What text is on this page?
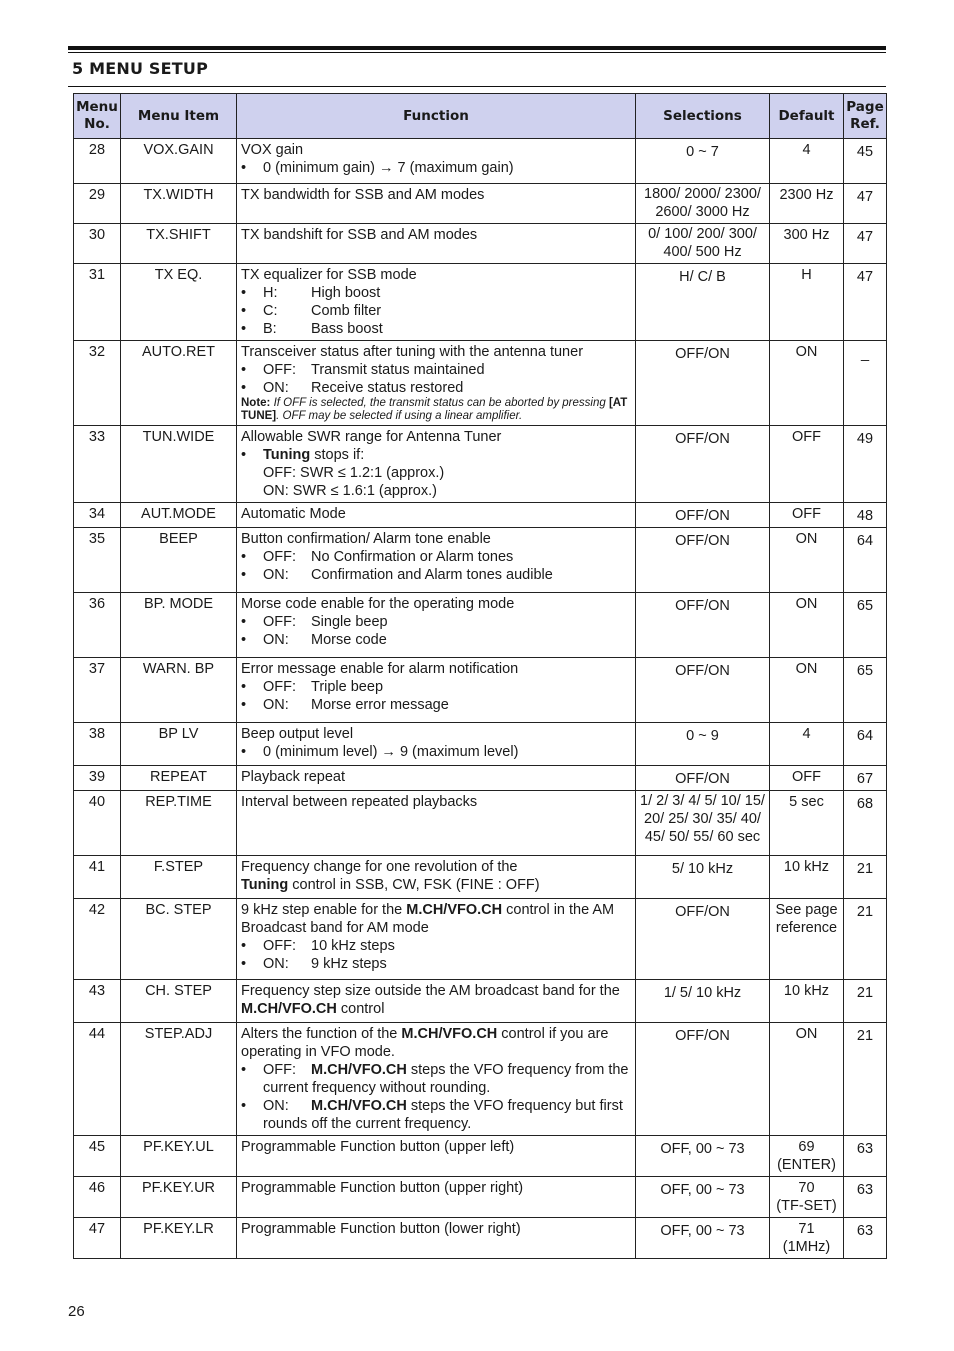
5 MENU SETUP
Menu No.	Menu Item	Function	Selections	Default	Page Ref.
28	VOX.GAIN	VOX gain
• 0 (minimum gain) → 7 (maximum gain)	0 ~ 7	4	45
29	TX.WIDTH	TX bandwidth for SSB and AM modes	1800/ 2000/ 2300/
2600/ 3000 Hz	2300 Hz	47
30	TX.SHIFT	TX bandshift for SSB and AM modes	0/ 100/ 200/ 300/
400/ 500 Hz	300 Hz	47
31	TX EQ.	TX equalizer for SSB mode
• H: High boost
• C: Comb filter
• B: Bass boost	H/ C/ B	H	47
32	AUTO.RET	Transceiver status after tuning with the antenna tuner
• OFF: Transmit status maintained
• ON: Receive status restored
Note: If OFF is selected, the transmit status can be aborted by pressing [AT TUNE]. OFF may be selected if using a linear amplifier.	OFF/ON	ON	_
33	TUN.WIDE	Allowable SWR range for Antenna Tuner
• Tuning stops if:
OFF: SWR ≤ 1.2:1 (approx.)
ON: SWR ≤ 1.6:1 (approx.)	OFF/ON	OFF	49
34	AUT.MODE	Automatic Mode	OFF/ON	OFF	48
35	BEEP	Button confirmation/ Alarm tone enable
• OFF: No Confirmation or Alarm tones
• ON: Confirmation and Alarm tones audible	OFF/ON	ON	64
36	BP. MODE	Morse code enable for the operating mode
• OFF: Single beep
• ON: Morse code	OFF/ON	ON	65
37	WARN. BP	Error message enable for alarm notification
• OFF: Triple beep
• ON: Morse error message	OFF/ON	ON	65
38	BP LV	Beep output level
• 0 (minimum level) → 9 (maximum level)	0 ~ 9	4	64
39	REPEAT	Playback repeat	OFF/ON	OFF	67
40	REP.TIME	Interval between repeated playbacks	1/ 2/ 3/ 4/ 5/ 10/ 15/
20/ 25/ 30/ 35/ 40/
45/ 50/ 55/ 60 sec	5 sec	68
41	F.STEP	Frequency change for one revolution of the
Tuning control in SSB, CW, FSK (FINE : OFF)	5/ 10 kHz	10 kHz	21
42	BC. STEP	9 kHz step enable for the M.CH/VFO.CH control in the AM Broadcast band for AM mode
• OFF: 10 kHz steps
• ON: 9 kHz steps	OFF/ON	See page
reference	21
43	CH. STEP	Frequency step size outside the AM broadcast band for the M.CH/VFO.CH control	1/ 5/ 10 kHz	10 kHz	21
44	STEP.ADJ	Alters the function of the M.CH/VFO.CH control if you are operating in VFO mode.
• OFF: M.CH/VFO.CH steps the VFO frequency from the current frequency without rounding.
• ON: M.CH/VFO.CH steps the VFO frequency but first rounds off the current frequency.	OFF/ON	ON	21
45	PF.KEY.UL	Programmable Function button (upper left)	OFF, 00 ~ 73	69
(ENTER)	63
46	PF.KEY.UR	Programmable Function button (upper right)	OFF, 00 ~ 73	70
(TF-SET)	63
47	PF.KEY.LR	Programmable Function button (lower right)	OFF, 00 ~ 73	71 (1MHz)	63
26
